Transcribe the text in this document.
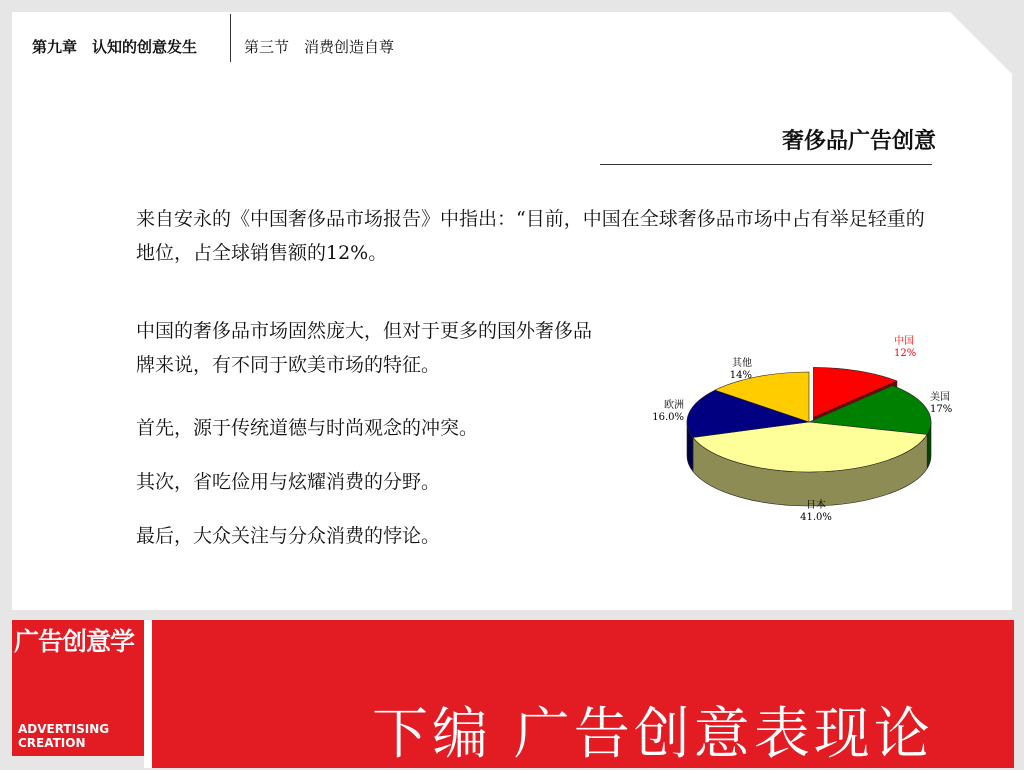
第九章　认知的创意发生	第三节　消费创造自尊
奢侈品广告创意
来自安永的《中国奢侈品市场报告》中指出：“目前，中国在全球奢侈品市场中占有举足轻重的地位，占全球销售额的12%。
中国的奢侈品市场固然庞大，但对于更多的国外奢侈品牌来说，有不同于欧美市场的特征。
首先，源于传统道德与时尚观念的冲突。
其次，省吃俭用与炫耀消费的分野。
最后，大众关注与分众消费的悖论。
中国
12%
美国
17%
日本
41.0%
欧洲
16.0%
其他
14%
广告创意学
ADVERTISING
CREATION	下编 广告创意表现论
